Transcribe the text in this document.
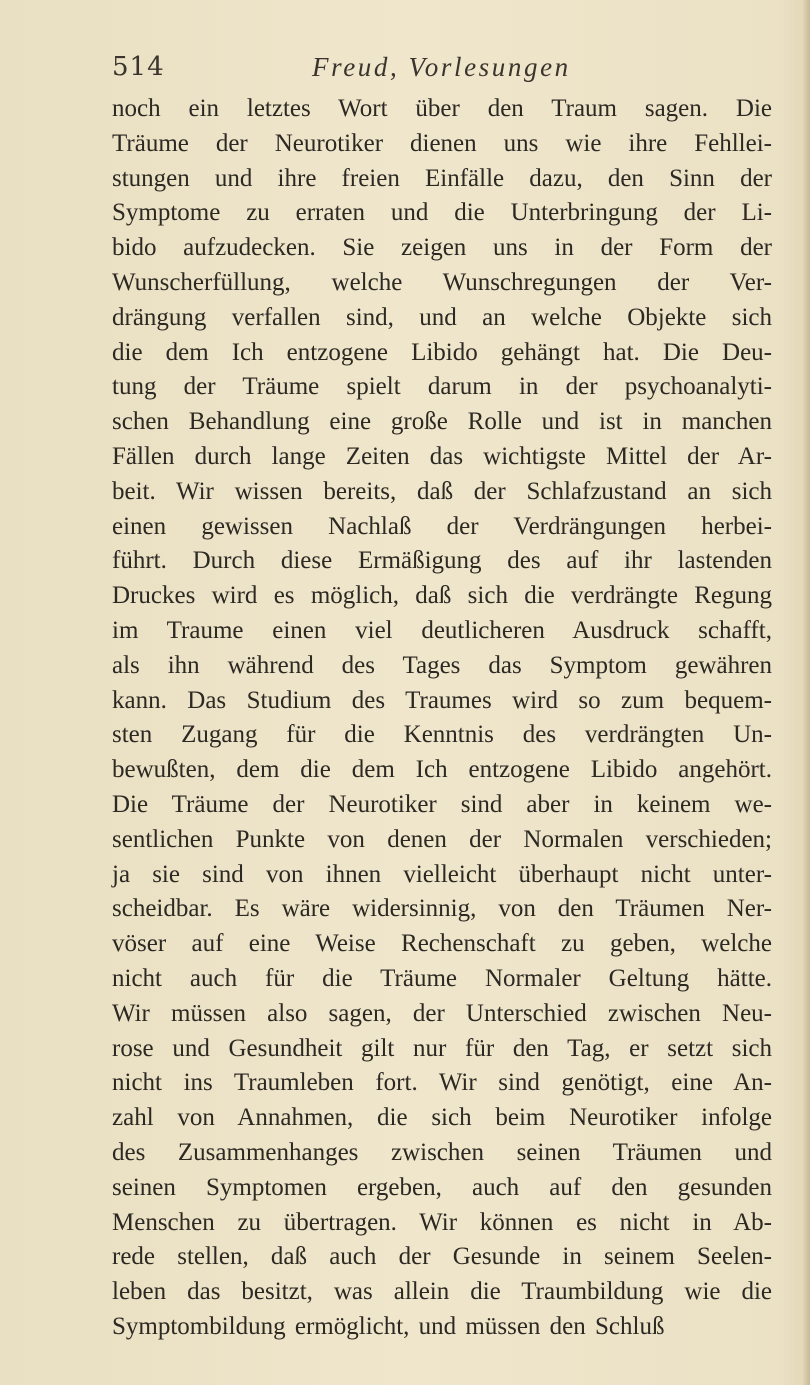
514	Freud, Vorlesungen
noch ein letztes Wort über den Traum sagen. Die
Träume der Neurotiker dienen uns wie ihre Fehllei-
stungen und ihre freien Einfälle dazu, den Sinn der
Symptome zu erraten und die Unterbringung der Li-
bido aufzudecken. Sie zeigen uns in der Form der
Wunscherfüllung, welche Wunschregungen der Ver-
drängung verfallen sind, und an welche Objekte sich
die dem Ich entzogene Libido gehängt hat. Die Deu-
tung der Träume spielt darum in der psychoanalyti-
schen Behandlung eine große Rolle und ist in manchen
Fällen durch lange Zeiten das wichtigste Mittel der Ar-
beit. Wir wissen bereits, daß der Schlafzustand an sich
einen gewissen Nachlaß der Verdrängungen herbei-
führt. Durch diese Ermäßigung des auf ihr lastenden
Druckes wird es möglich, daß sich die verdrängte Regung
im Traume einen viel deutlicheren Ausdruck schafft,
als ihn während des Tages das Symptom gewähren
kann. Das Studium des Traumes wird so zum bequem-
sten Zugang für die Kenntnis des verdrängten Un-
bewußten, dem die dem Ich entzogene Libido angehört.
Die Träume der Neurotiker sind aber in keinem we-
sentlichen Punkte von denen der Normalen verschieden;
ja sie sind von ihnen vielleicht überhaupt nicht unter-
scheidbar. Es wäre widersinnig, von den Träumen Ner-
vöser auf eine Weise Rechenschaft zu geben, welche
nicht auch für die Träume Normaler Geltung hätte.
Wir müssen also sagen, der Unterschied zwischen Neu-
rose und Gesundheit gilt nur für den Tag, er setzt sich
nicht ins Traumleben fort. Wir sind genötigt, eine An-
zahl von Annahmen, die sich beim Neurotiker infolge
des Zusammenhanges zwischen seinen Träumen und
seinen Symptomen ergeben, auch auf den gesunden
Menschen zu übertragen. Wir können es nicht in Ab-
rede stellen, daß auch der Gesunde in seinem Seelen-
leben das besitzt, was allein die Traumbildung wie die
Symptombildung ermöglicht, und müssen den Schluß
